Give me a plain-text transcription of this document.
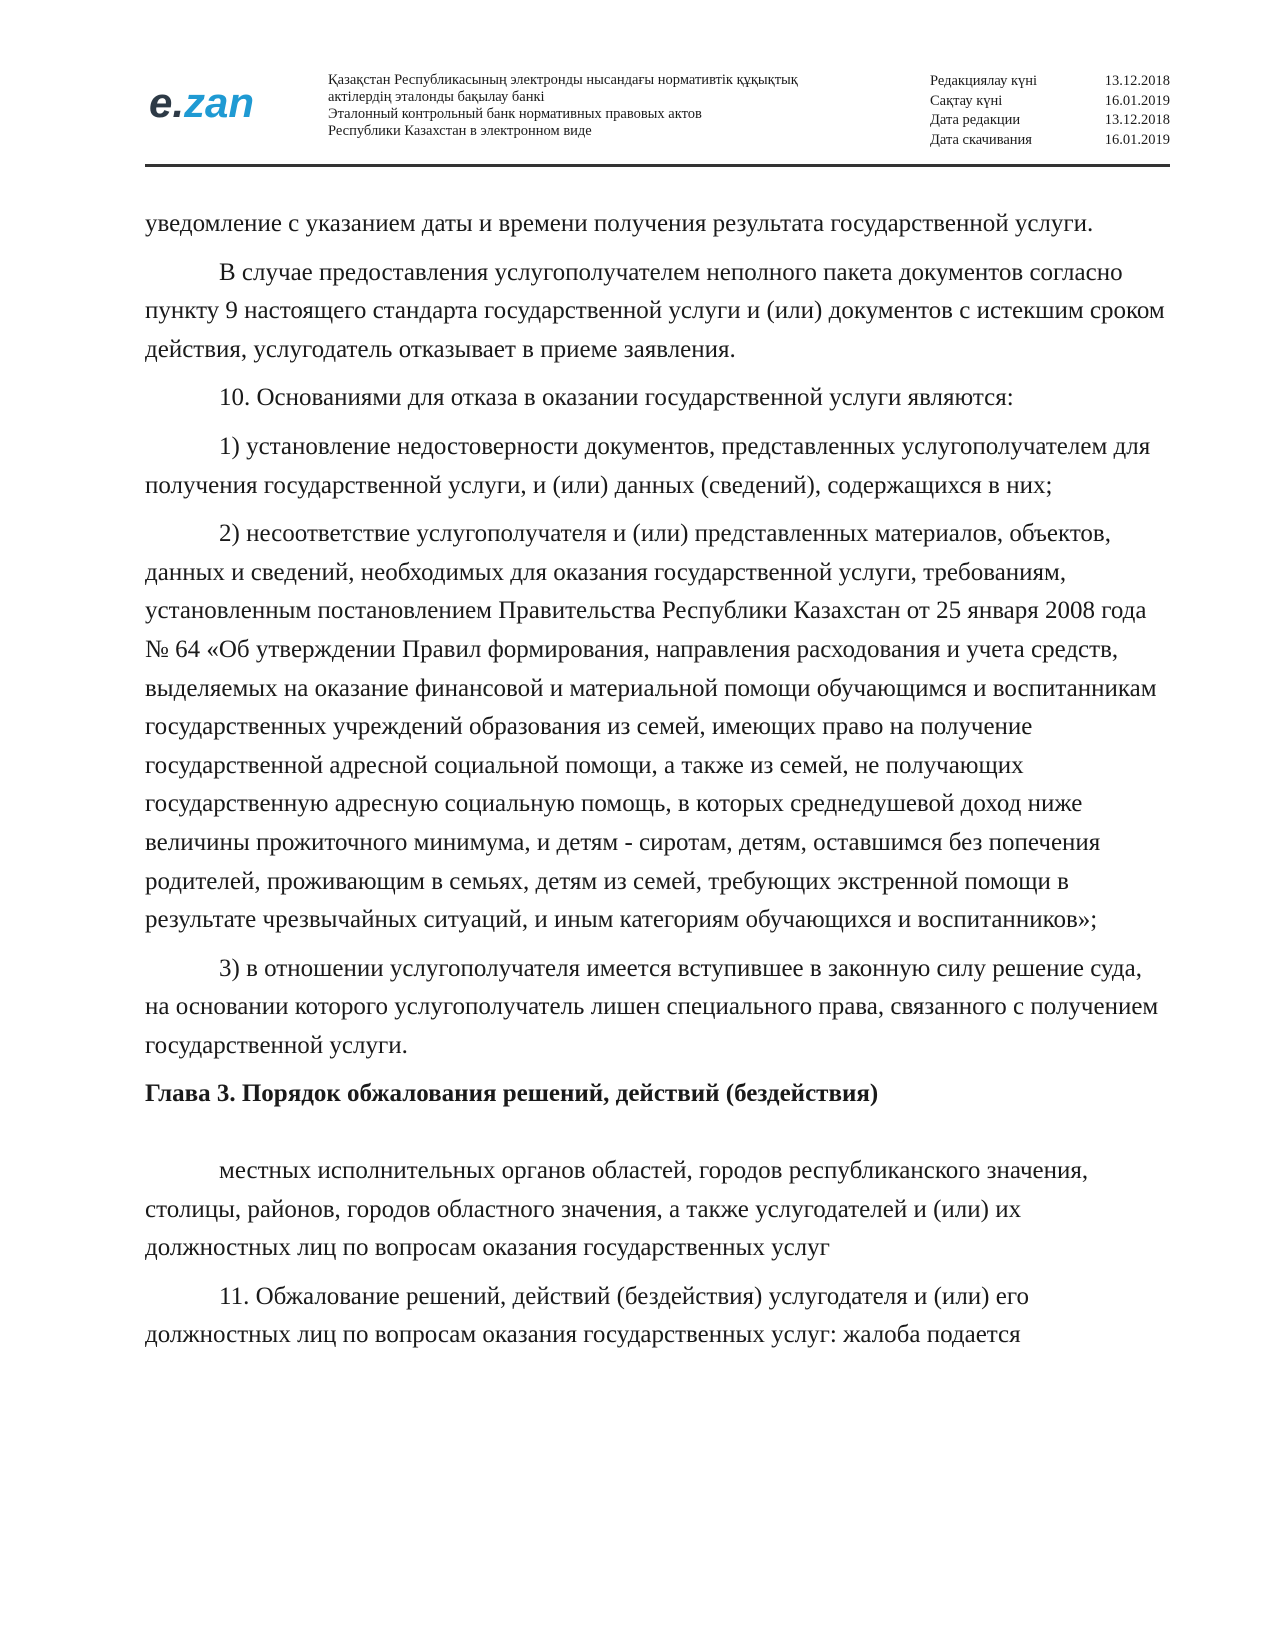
e.zan	Қазақстан Республикасының электронды нысандағы нормативтік құқықтық
актілердің эталонды бақылау банкі
Эталонный контрольный банк нормативных правовых актов
Республики Казахстан в электронном виде
Редакциялау күні	13.12.2018
Сақтау күні	16.01.2019
Дата редакции	13.12.2018
Дата скачивания	16.01.2019

уведомление с указанием даты и времени получения результата государственной услуги.

В случае предоставления услугополучателем неполного пакета документов согласно пункту 9 настоящего стандарта государственной услуги и (или) документов с истекшим сроком действия, услугодатель отказывает в приеме заявления.

10. Основаниями для отказа в оказании государственной услуги являются:

1) установление недостоверности документов, представленных услугополучателем для получения государственной услуги, и (или) данных (сведений), содержащихся в них;

2) несоответствие услугополучателя и (или) представленных материалов, объектов, данных и сведений, необходимых для оказания государственной услуги, требованиям, установленным постановлением Правительства Республики Казахстан от 25 января 2008 года № 64 «Об утверждении Правил формирования, направления расходования и учета средств, выделяемых на оказание финансовой и материальной помощи обучающимся и воспитанникам государственных учреждений образования из семей, имеющих право на получение государственной адресной социальной помощи, а также из семей, не получающих государственную адресную социальную помощь, в которых среднедушевой доход ниже величины прожиточного минимума, и детям - сиротам, детям, оставшимся без попечения родителей, проживающим в семьях, детям из семей, требующих экстренной помощи в результате чрезвычайных ситуаций, и иным категориям обучающихся и воспитанников»;

3) в отношении услугополучателя имеется вступившее в законную силу решение суда, на основании которого услугополучатель лишен специального права, связанного с получением государственной услуги.

Глава 3. Порядок обжалования решений, действий (бездействия)

местных исполнительных органов областей, городов республиканского значения, столицы, районов, городов областного значения, а также услугодателей и (или) их должностных лиц по вопросам оказания государственных услуг

11. Обжалование решений, действий (бездействия) услугодателя и (или) его должностных лиц по вопросам оказания государственных услуг: жалоба подается
